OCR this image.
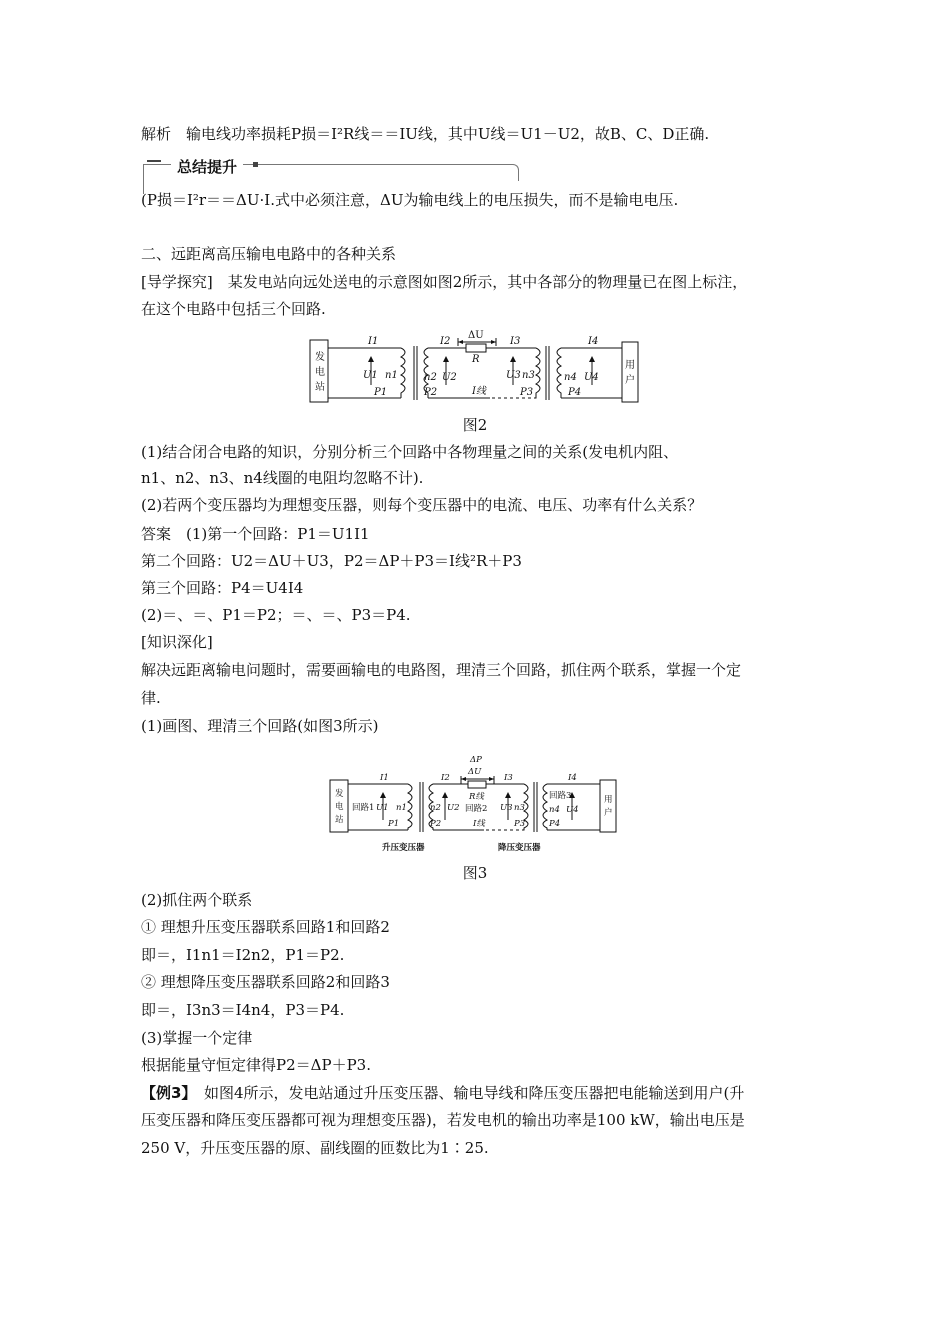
解析　输电线功率损耗P损＝I²R线＝＝IU线，其中U线＝U1－U2，故B、C、D正确.
总结提升
(P损＝I²r＝＝ΔU·I.式中必须注意，ΔU为输电线上的电压损失，而不是输电电压.
二、远距离高压输电电路中的各种关系
[导学探究]　某发电站向远处送电的示意图如图2所示，其中各部分的物理量已在图上标注，
在这个电路中包括三个回路.
发
电
站
用
户
I1
U1 n1
P1
I2
n2 U2
P2
ΔU
R
I3
U3 n3
P3
I线
I4
n4 U4
P4
图2
(1)结合闭合电路的知识，分别分析三个回路中各物理量之间的关系(发电机内阻、
n1、n2、n3、n4线圈的电阻均忽略不计).
(2)若两个变压器均为理想变压器，则每个变压器中的电流、电压、功率有什么关系？
答案　(1)第一个回路：P1＝U1I1
第二个回路：U2＝ΔU＋U3，P2＝ΔP＋P3＝I线²R＋P3
第三个回路：P4＝U4I4
(2)＝、＝、P1＝P2；＝、＝、P3＝P4.
[知识深化]
解决远距离输电问题时，需要画输电的电路图，理清三个回路，抓住两个联系，掌握一个定
律.
(1)画图、理清三个回路(如图3所示)
发
电
站
用
户
I1
回路1 U1 n1
P1
I2
n2 U2
P2
ΔP
ΔU
R线
回路2
I线
I3
U3 n3
P3
I4
回路3
n4 U4
P4
升压变压器	降压变压器
图3
(2)抓住两个联系
① 理想升压变压器联系回路1和回路2
即＝，I1n1＝I2n2，P1＝P2.
② 理想降压变压器联系回路2和回路3
即＝，I3n3＝I4n4，P3＝P4.
(3)掌握一个定律
根据能量守恒定律得P2＝ΔP＋P3.
【例3】　如图4所示，发电站通过升压变压器、输电导线和降压变压器把电能输送到用户(升
压变压器和降压变压器都可视为理想变压器)，若发电机的输出功率是100 kW，输出电压是
250 V，升压变压器的原、副线圈的匝数比为1∶25.
